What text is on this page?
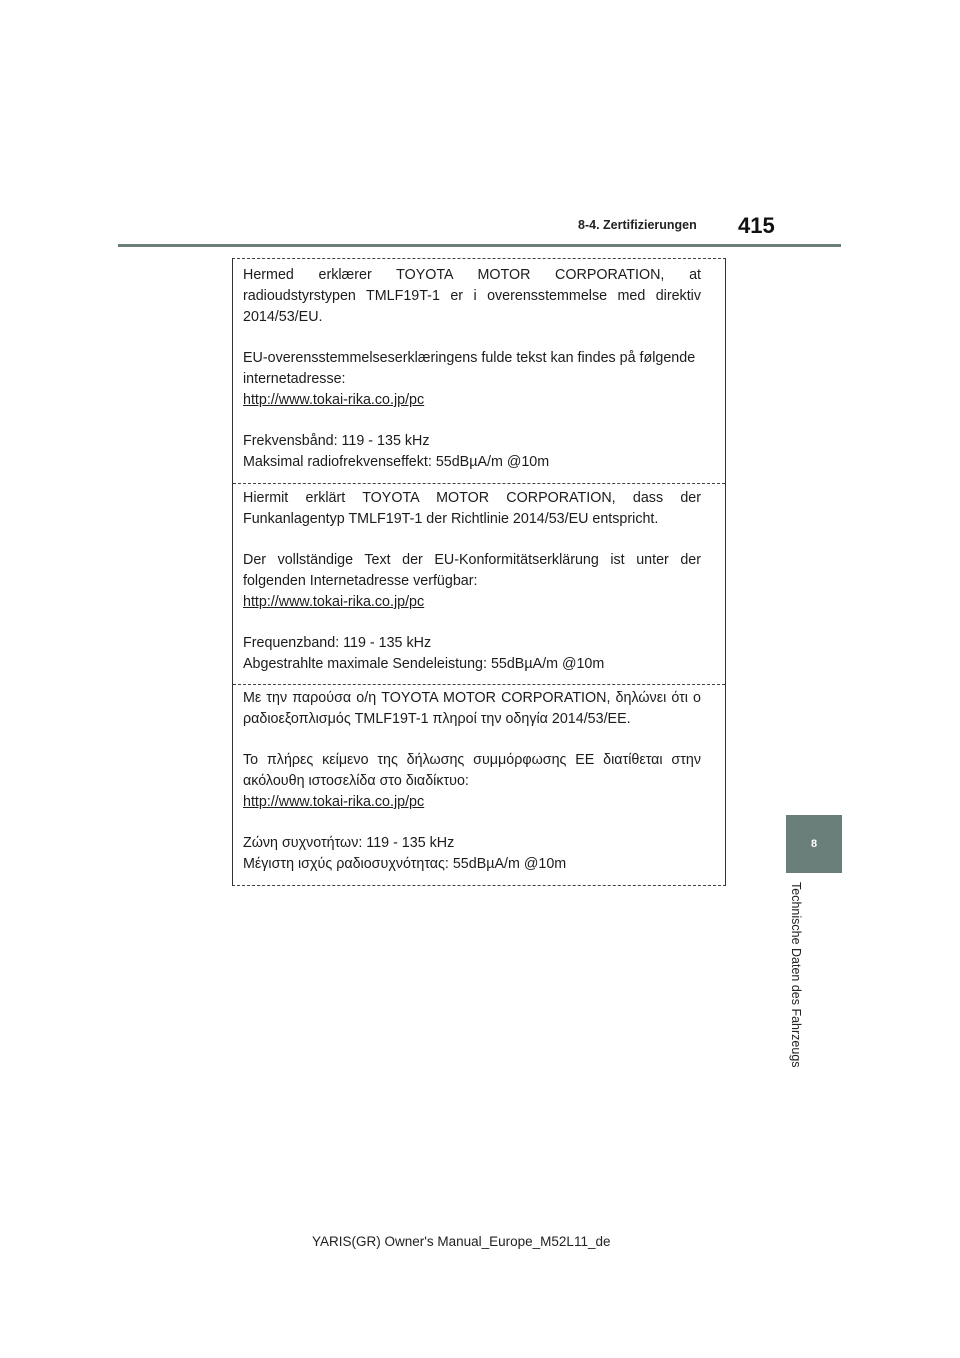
8-4. Zertifizierungen 415
8
Technische Daten des Fahrzeugs

Hermed erklærer TOYOTA MOTOR CORPORATION, at radioudstyrstypen TMLF19T-1 er i overensstemmelse med direktiv 2014/53/EU.

EU-overensstemmelseserklæringens fulde tekst kan findes på følgende internetadresse:

http://www.tokai-rika.co.jp/pc

Frekvensbånd: 119 - 135 kHz

Maksimal radiofrekvenseffekt: 55dBµA/m @10m

Hiermit erklärt TOYOTA MOTOR CORPORATION, dass der Funkanlagentyp TMLF19T-1 der Richtlinie 2014/53/EU entspricht.

Der vollständige Text der EU-Konformitätserklärung ist unter der folgenden Internetadresse verfügbar:

http://www.tokai-rika.co.jp/pc

Frequenzband: 119 - 135 kHz

Abgestrahlte maximale Sendeleistung: 55dBµA/m @10m

Με την παρούσα ο/η TOYOTA MOTOR CORPORATION, δηλώνει ότι ο ραδιοεξοπλισμός TMLF19T-1 πληροί την οδηγία 2014/53/ΕΕ.

Το πλήρες κείμενο της δήλωσης συμμόρφωσης ΕΕ διατίθεται στην ακόλουθη ιστοσελίδα στο διαδίκτυο:

http://www.tokai-rika.co.jp/pc

Ζώνη συχνοτήτων: 119 - 135 kHz

Μέγιστη ισχύς ραδιοσυχνότητας: 55dBµA/m @10m

YARIS(GR) Owner's Manual_Europe_M52L11_de
